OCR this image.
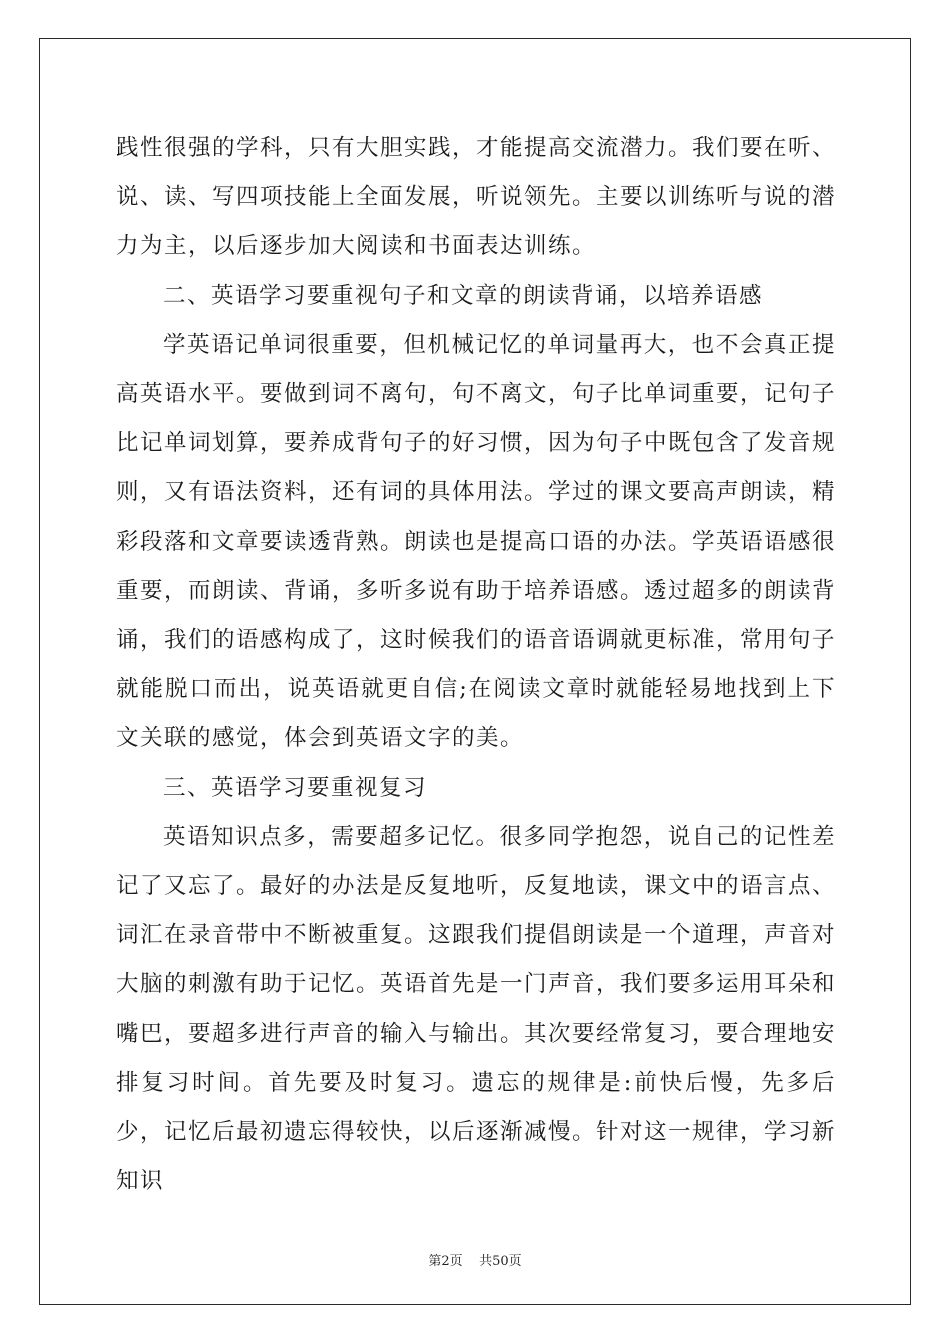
践性很强的学科，只有大胆实践，才能提高交流潜力。我们要在听、说、读、写四项技能上全面发展，听说领先。主要以训练听与说的潜力为主，以后逐步加大阅读和书面表达训练。

二、英语学习要重视句子和文章的朗读背诵，以培养语感

学英语记单词很重要，但机械记忆的单词量再大，也不会真正提高英语水平。要做到词不离句，句不离文，句子比单词重要，记句子比记单词划算，要养成背句子的好习惯，因为句子中既包含了发音规则，又有语法资料，还有词的具体用法。学过的课文要高声朗读，精彩段落和文章要读透背熟。朗读也是提高口语的办法。学英语语感很重要，而朗读、背诵，多听多说有助于培养语感。透过超多的朗读背诵，我们的语感构成了，这时候我们的语音语调就更标准，常用句子就能脱口而出，说英语就更自信;在阅读文章时就能轻易地找到上下文关联的感觉，体会到英语文字的美。

三、英语学习要重视复习

英语知识点多，需要超多记忆。很多同学抱怨，说自己的记性差记了又忘了。最好的办法是反复地听，反复地读，课文中的语言点、词汇在录音带中不断被重复。这跟我们提倡朗读是一个道理，声音对大脑的刺激有助于记忆。英语首先是一门声音，我们要多运用耳朵和嘴巴，要超多进行声音的输入与输出。其次要经常复习，要合理地安排复习时间。首先要及时复习。遗忘的规律是:前快后慢，先多后少，记忆后最初遗忘得较快，以后逐渐减慢。针对这一规律，学习新知识

第2页 共50页
